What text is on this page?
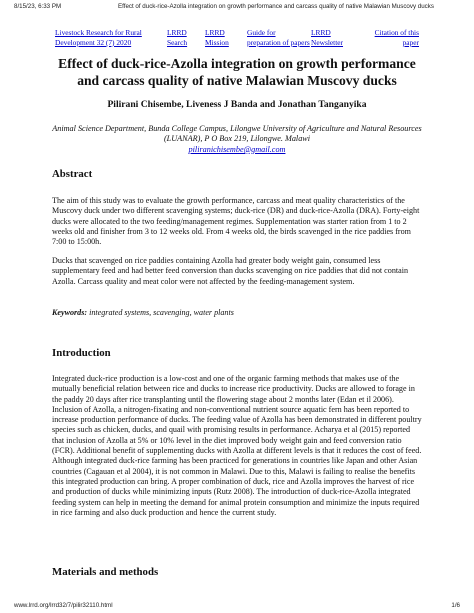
8/15/23, 6:33 PM	Effect of duck-rice-Azolla integration on growth performance and carcass quality of native Malawian Muscovy ducks
Livestock Research for Rural Development 32 (7) 2020
LRRD Search
LRRD Mission
Guide for preparation of papers
LRRD Newsletter
Citation of this paper
Effect of duck-rice-Azolla integration on growth performance and carcass quality of native Malawian Muscovy ducks
Pilirani Chisembe, Liveness J Banda and Jonathan Tanganyika
Animal Science Department, Bunda College Campus, Lilongwe University of Agriculture and Natural Resources (LUANAR), P O Box 219, Lilongwe. Malawi
piliranichisembe@gmail.com
Abstract

The aim of this study was to evaluate the growth performance, carcass and meat quality characteristics of the Muscovy duck under two different scavenging systems; duck-rice (DR) and duck-rice-Azolla (DRA). Forty-eight ducks were allocated to the two feeding/management regimes. Supplementation was starter ration from 1 to 2 weeks old and finisher from 3 to 12 weeks old. From 4 weeks old, the birds scavenged in the rice paddies from 7:00 to 15:00h.

Ducks that scavenged on rice paddies containing Azolla had greater body weight gain, consumed less supplementary feed and had better feed conversion than ducks scavenging on rice paddies that did not contain Azolla. Carcass quality and meat color were not affected by the feeding-management system.

Keywords: integrated systems, scavenging, water plants
Introduction

Integrated duck-rice production is a low-cost and one of the organic farming methods that makes use of the mutually beneficial relation between rice and ducks to increase rice productivity. Ducks are allowed to forage in the paddy 20 days after rice transplanting until the flowering stage about 2 months later (Edan et il 2006). Inclusion of Azolla, a nitrogen-fixating and non-conventional nutrient source aquatic fern has been reported to increase production performance of ducks. The feeding value of Azolla has been demonstrated in different poultry species such as chicken, ducks, and quail with promising results in performance. Acharya et al (2015) reported that inclusion of Azolla at 5% or 10% level in the diet improved body weight gain and feed conversion ratio (FCR). Additional benefit of supplementing ducks with Azolla at different levels is that it reduces the cost of feed. Although integrated duck-rice farming has been practiced for generations in countries like Japan and other Asian countries (Cagauan et al 2004), it is not common in Malawi. Due to this, Malawi is failing to realise the benefits this integrated production can bring. A proper combination of duck, rice and Azolla improves the harvest of rice and production of ducks while minimizing inputs (Rutz 2008). The introduction of duck-rice-Azolla integrated feeding system can help in meeting the demand for animal protein consumption and minimize the inputs required in rice farming and also duck production and hence the current study.

Materials and methods
www.lrrd.org/lrrd32/7/pilir32110.html	1/6
